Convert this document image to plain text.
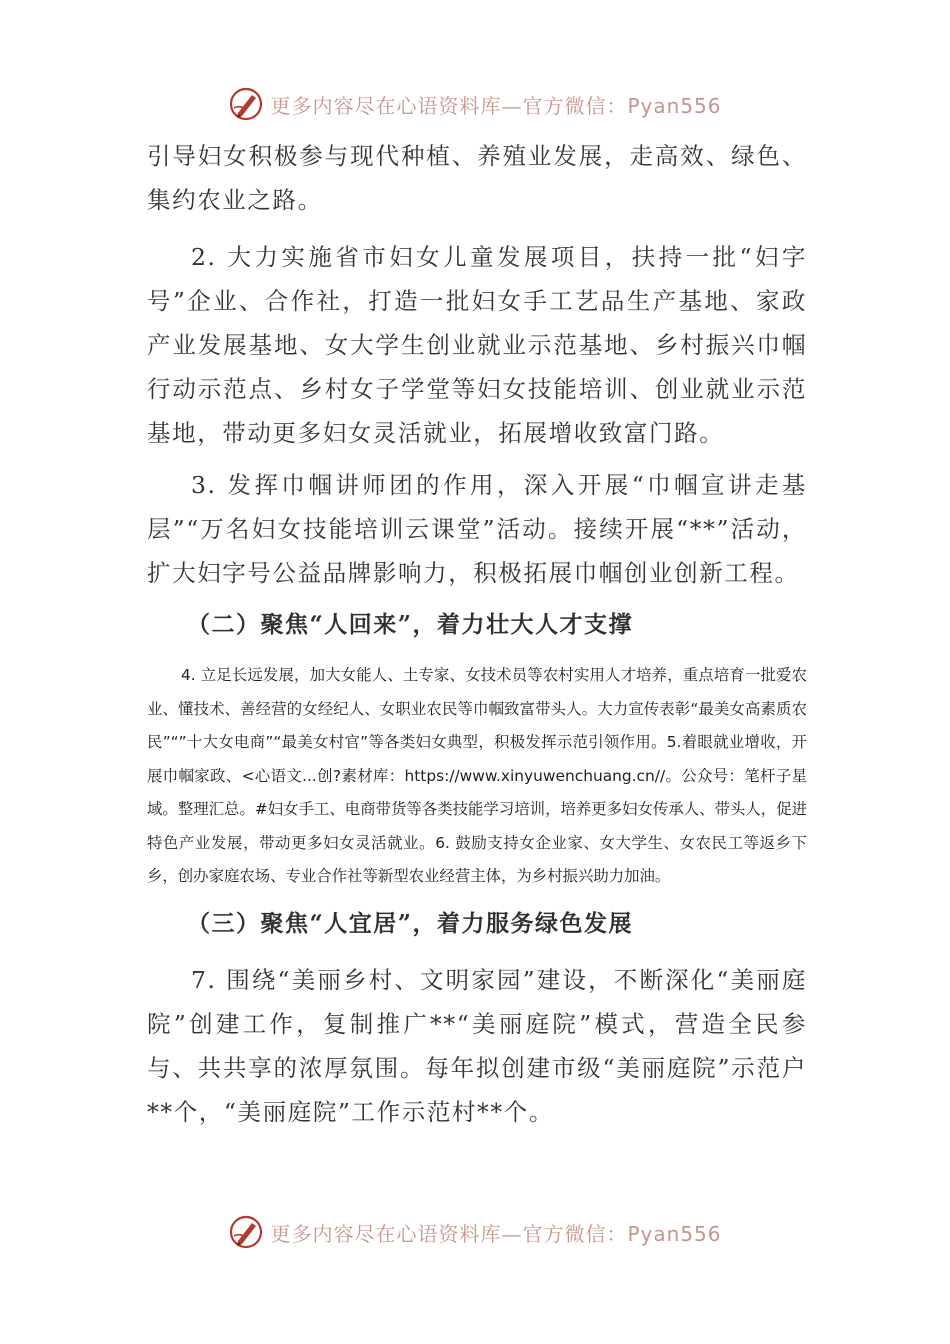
更多内容尽在心语资料库—官方微信：Pyan556

引导妇女积极参与现代种植、养殖业发展，走高效、绿色、集约农业之路。

2. 大力实施省市妇女儿童发展项目，扶持一批“妇字号”企业、合作社，打造一批妇女手工艺品生产基地、家政产业发展基地、女大学生创业就业示范基地、乡村振兴巾帼行动示范点、乡村女子学堂等妇女技能培训、创业就业示范基地，带动更多妇女灵活就业，拓展增收致富门路。

3. 发挥巾帼讲师团的作用，深入开展“巾帼宣讲走基层”“万名妇女技能培训云课堂”活动。接续开展“**”活动，扩大妇字号公益品牌影响力，积极拓展巾帼创业创新工程。

（二）聚焦“人回来”，着力壮大人才支撑

4. 立足长远发展，加大女能人、土专家、女技术员等农村实用人才培养，重点培育一批爱农业、懂技术、善经营的女经纪人、女职业农民等巾帼致富带头人。大力宣传表彰“最美女高素质农民”“”十大女电商”“最美女村官”等各类妇女典型，积极发挥示范引领作用。5.着眼就业增收，开展巾帼家政、<心语文...创?素材库：https://www.xinyuwenchuang.cn//。公众号：笔杆子星域。整理汇总。#妇女手工、电商带货等各类技能学习培训，培养更多妇女传承人、带头人，促进特色产业发展，带动更多妇女灵活就业。6. 鼓励支持女企业家、女大学生、女农民工等返乡下乡，创办家庭农场、专业合作社等新型农业经营主体，为乡村振兴助力加油。

（三）聚焦“人宜居”，着力服务绿色发展

7. 围绕“美丽乡村、文明家园”建设，不断深化“美丽庭院”创建工作，复制推广**“美丽庭院”模式，营造全民参与、共共享的浓厚氛围。每年拟创建市级“美丽庭院”示范户**个，“美丽庭院”工作示范村**个。

更多内容尽在心语资料库—官方微信：Pyan556
